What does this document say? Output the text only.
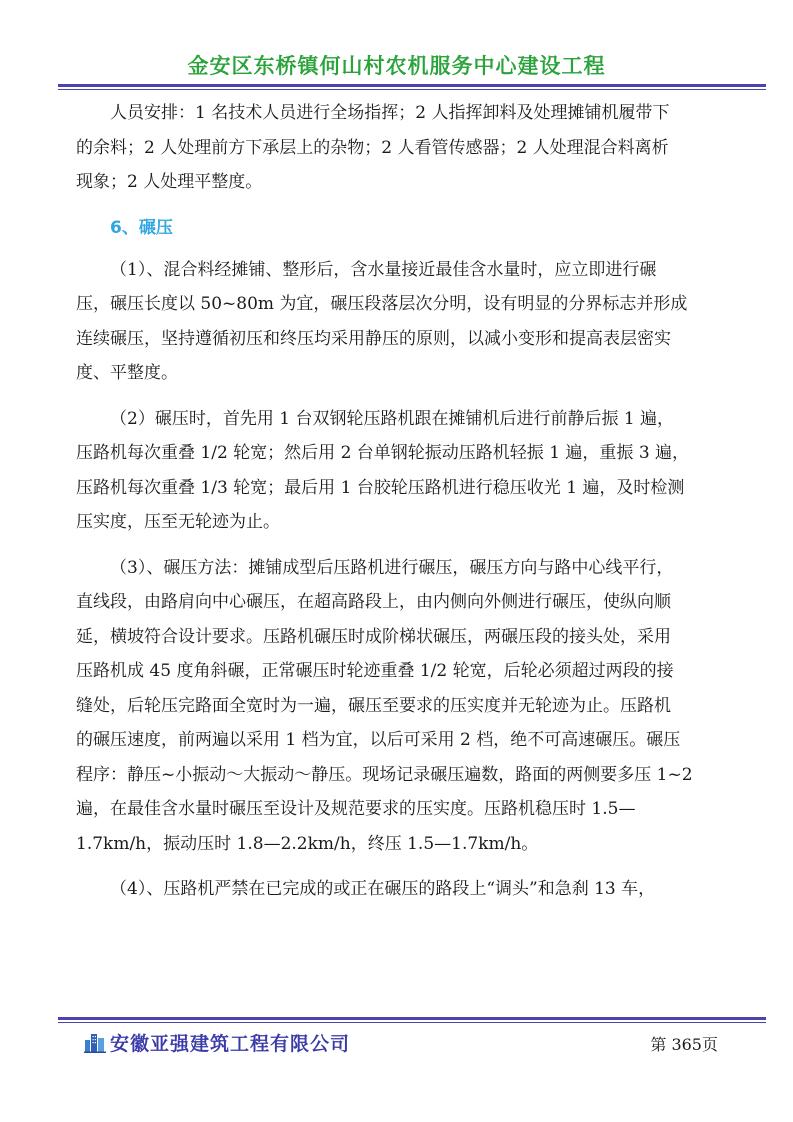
金安区东桥镇何山村农机服务中心建设工程

人员安排：1 名技术人员进行全场指挥；2 人指挥卸料及处理摊铺机履带下
的余料；2 人处理前方下承层上的杂物；2 人看管传感器；2 人处理混合料离析
现象；2 人处理平整度。

6、碾压

（1）、混合料经摊铺、整形后，含水量接近最佳含水量时，应立即进行碾
压，碾压长度以 50~80m 为宜，碾压段落层次分明，设有明显的分界标志并形成
连续碾压，坚持遵循初压和终压均采用静压的原则，以减小变形和提高表层密实
度、平整度。

（2）碾压时，首先用 1 台双钢轮压路机跟在摊铺机后进行前静后振 1 遍，
压路机每次重叠 1/2 轮宽；然后用 2 台单钢轮振动压路机轻振 1 遍，重振 3 遍，
压路机每次重叠 1/3 轮宽；最后用 1 台胶轮压路机进行稳压收光 1 遍，及时检测
压实度，压至无轮迹为止。

（3）、碾压方法：摊铺成型后压路机进行碾压，碾压方向与路中心线平行，
直线段，由路肩向中心碾压，在超高路段上，由内侧向外侧进行碾压，使纵向顺
延，横坡符合设计要求。压路机碾压时成阶梯状碾压，两碾压段的接头处，采用
压路机成 45 度角斜碾，正常碾压时轮迹重叠 1/2 轮宽，后轮必须超过两段的接
缝处，后轮压完路面全宽时为一遍，碾压至要求的压实度并无轮迹为止。压路机
的碾压速度，前两遍以采用 1 档为宜，以后可采用 2 档，绝不可高速碾压。碾压
程序：静压~小振动～大振动～静压。现场记录碾压遍数，路面的两侧要多压 1~2
遍，在最佳含水量时碾压至设计及规范要求的压实度。压路机稳压时 1.5—
1.7km/h，振动压时 1.8—2.2km/h，终压 1.5—1.7km/h。

（4）、压路机严禁在已完成的或正在碾压的路段上“调头”和急刹 13 车，

安徽亚强建筑工程有限公司	第 365页
